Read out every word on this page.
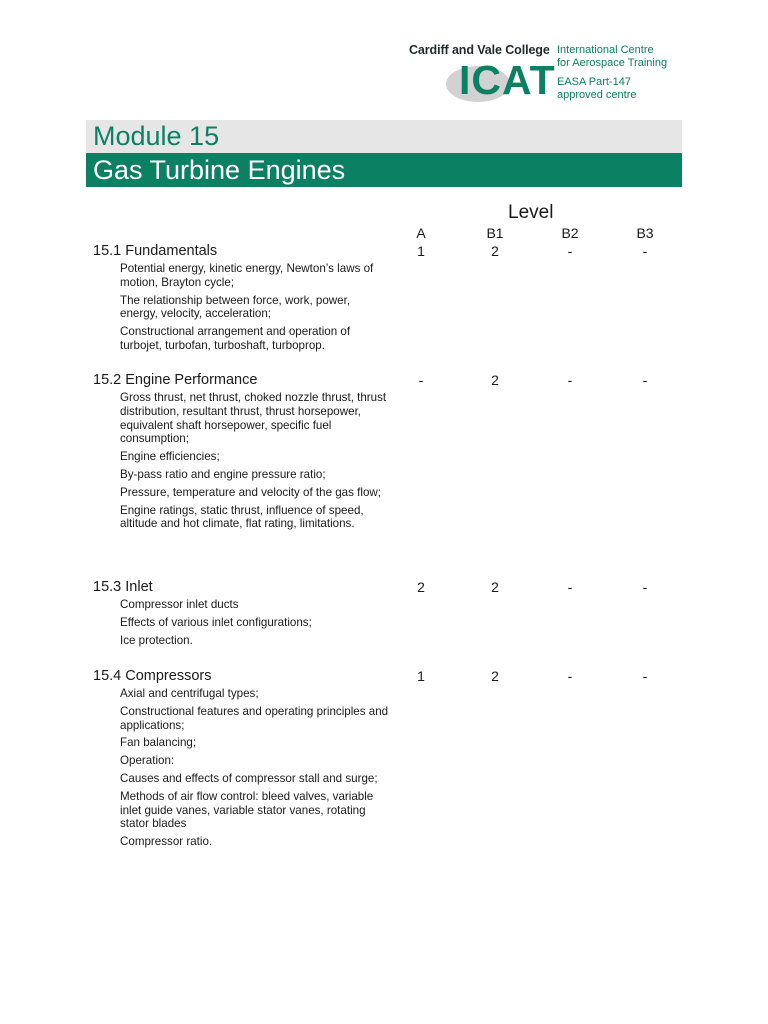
Cardiff and Vale College
ICAT
International Centre
for Aerospace Training
EASA Part-147
approved centre
Module 15
Gas Turbine Engines
Level
A	B1	B2	B3
15.1 Fundamentals	1	2	-	-
Potential energy, kinetic energy, Newton’s laws of motion, Brayton cycle;
The relationship between force, work, power, energy, velocity, acceleration;
Constructional arrangement and operation of turbojet, turbofan, turboshaft, turboprop.
15.2 Engine Performance	-	2	-	-
Gross thrust, net thrust, choked nozzle thrust, thrust distribution, resultant thrust, thrust horsepower, equivalent shaft horsepower, specific fuel consumption;
Engine efficiencies;
By-pass ratio and engine pressure ratio;
Pressure, temperature and velocity of the gas flow;
Engine ratings, static thrust, influence of speed, altitude and hot climate, flat rating, limitations.
15.3 Inlet	2	2	-	-
Compressor inlet ducts
Effects of various inlet configurations;
Ice protection.
15.4 Compressors	1	2	-	-
Axial and centrifugal types;
Constructional features and operating principles and applications;
Fan balancing;
Operation:
Causes and effects of compressor stall and surge;
Methods of air flow control: bleed valves, variable inlet guide vanes, variable stator vanes, rotating stator blades
Compressor ratio.
